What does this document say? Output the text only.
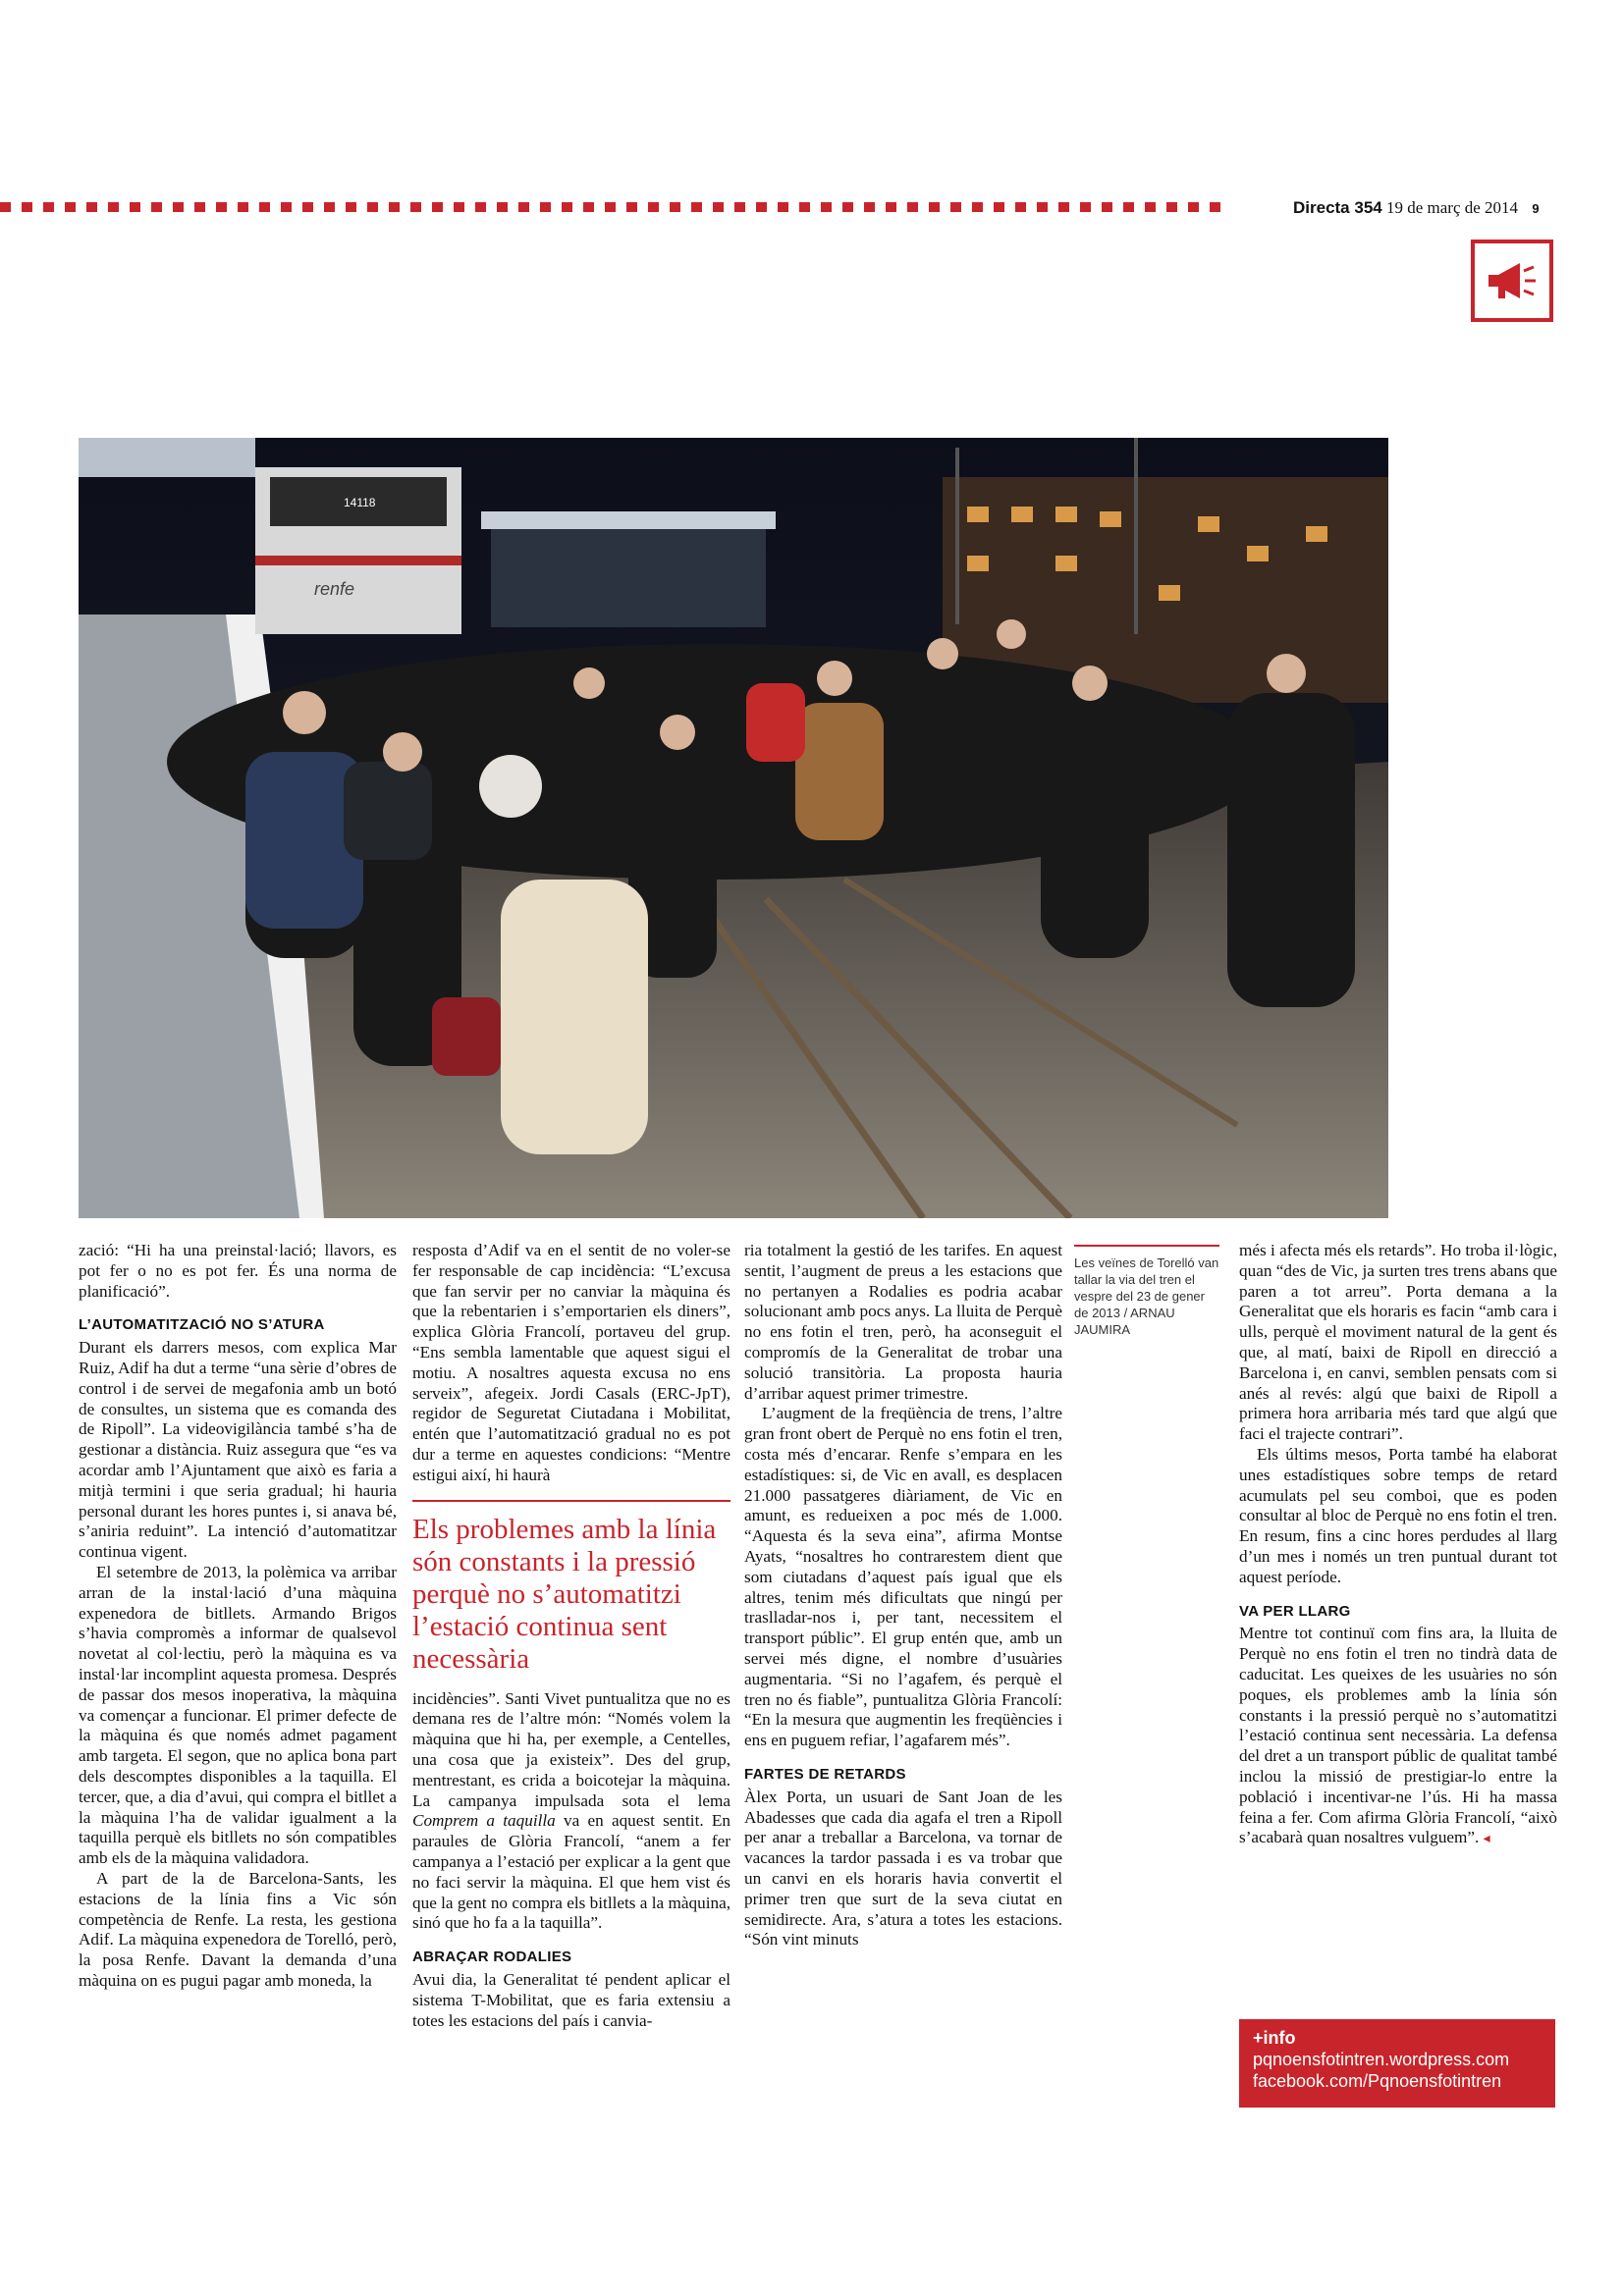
Directa 354 19 de març de 2014 9
renfe
14118

zació: “Hi ha una preinstal·lació; llavors, es pot fer o no es pot fer. És una norma de planificació”.

L’AUTOMATITZACIÓ NO S’ATURA

Durant els darrers mesos, com explica Mar Ruiz, Adif ha dut a terme “una sèrie d’obres de control i de servei de megafonia amb un botó de consultes, un sistema que es comanda des de Ripoll”. La videovigilància també s’ha de gestionar a distància. Ruiz assegura que “es va acordar amb l’Ajuntament que això es faria a mitjà termini i que seria gradual; hi hauria personal durant les hores puntes i, si anava bé, s’aniria reduint”. La intenció d’automatitzar continua vigent.

El setembre de 2013, la polèmica va arribar arran de la instal·lació d’una màquina expenedora de bitllets. Armando Brigos s’havia compromès a informar de qualsevol novetat al col·lectiu, però la màquina es va instal·lar incomplint aquesta promesa. Després de passar dos mesos inoperativa, la màquina va començar a funcionar. El primer defecte de la màquina és que només admet pagament amb targeta. El segon, que no aplica bona part dels descomptes disponibles a la taquilla. El tercer, que, a dia d’avui, qui compra el bitllet a la màquina l’ha de validar igualment a la taquilla perquè els bitllets no són compatibles amb els de la màquina validadora.

A part de la de Barcelona-Sants, les estacions de la línia fins a Vic són competència de Renfe. La resta, les gestiona Adif. La màquina expenedora de Torelló, però, la posa Renfe. Davant la demanda d’una màquina on es pugui pagar amb moneda, la

resposta d’Adif va en el sentit de no voler-se fer responsable de cap incidència: “L’excusa que fan servir per no canviar la màquina és que la rebentarien i s’emportarien els diners”, explica Glòria Francolí, portaveu del grup. “Ens sembla lamentable que aquest sigui el motiu. A nosaltres aquesta excusa no ens serveix”, afegeix. Jordi Casals (ERC-JpT), regidor de Seguretat Ciutadana i Mobilitat, entén que l’automatització gradual no es pot dur a terme en aquestes condicions: “Mentre estigui així, hi haurà

Els problemes amb la línia són constants i la pressió perquè no s’automatitzi l’estació continua sent necessària

incidències”. Santi Vivet puntualitza que no es demana res de l’altre món: “Només volem la màquina que hi ha, per exemple, a Centelles, una cosa que ja existeix”. Des del grup, mentrestant, es crida a boicotejar la màquina. La campanya impulsada sota el lema Comprem a taquilla va en aquest sentit. En paraules de Glòria Francolí, “anem a fer campanya a l’estació per explicar a la gent que no faci servir la màquina. El que hem vist és que la gent no compra els bitllets a la màquina, sinó que ho fa a la taquilla”.

ABRAÇAR RODALIES

Avui dia, la Generalitat té pendent aplicar el sistema T-Mobilitat, que es faria extensiu a totes les estacions del país i canvia-

ria totalment la gestió de les tarifes. En aquest sentit, l’augment de preus a les estacions que no pertanyen a Rodalies es podria acabar solucionant amb pocs anys. La lluita de Perquè no ens fotin el tren, però, ha aconseguit el compromís de la Generalitat de trobar una solució transitòria. La proposta hauria d’arribar aquest primer trimestre.

L’augment de la freqüència de trens, l’altre gran front obert de Perquè no ens fotin el tren, costa més d’encarar. Renfe s’empara en les estadístiques: si, de Vic en avall, es desplacen 21.000 passatgeres diàriament, de Vic en amunt, es redueixen a poc més de 1.000. “Aquesta és la seva eina”, afirma Montse Ayats, “nosaltres ho contrarestem dient que som ciutadans d’aquest país igual que els altres, tenim més dificultats que ningú per traslladar-nos i, per tant, necessitem el transport públic”. El grup entén que, amb un servei més digne, el nombre d’usuàries augmentaria. “Si no l’agafem, és perquè el tren no és fiable”, puntualitza Glòria Francolí: “En la mesura que augmentin les freqüències i ens en puguem refiar, l’agafarem més”.

FARTES DE RETARDS

Àlex Porta, un usuari de Sant Joan de les Abadesses que cada dia agafa el tren a Ripoll per anar a treballar a Barcelona, va tornar de vacances la tardor passada i es va trobar que un canvi en els horaris havia convertit el primer tren que surt de la seva ciutat en semidirecte. Ara, s’atura a totes les estacions. “Són vint minuts

Les veïnes de Torelló van tallar la via del tren el vespre del 23 de gener de 2013 / ARNAU JAUMIRA

més i afecta més els retards”. Ho troba il·lògic, quan “des de Vic, ja surten tres trens abans que paren a tot arreu”. Porta demana a la Generalitat que els horaris es facin “amb cara i ulls, perquè el moviment natural de la gent és que, al matí, baixi de Ripoll en direcció a Barcelona i, en canvi, semblen pensats com si anés al revés: algú que baixi de Ripoll a primera hora arribaria més tard que algú que faci el trajecte contrari”.

Els últims mesos, Porta també ha elaborat unes estadístiques sobre temps de retard acumulats pel seu comboi, que es poden consultar al bloc de Perquè no ens fotin el tren. En resum, fins a cinc hores perdudes al llarg d’un mes i només un tren puntual durant tot aquest període.

VA PER LLARG

Mentre tot continuï com fins ara, la lluita de Perquè no ens fotin el tren no tindrà data de caducitat. Les queixes de les usuàries no són poques, els problemes amb la línia són constants i la pressió perquè no s’automatitzi l’estació continua sent necessària. La defensa del dret a un transport públic de qualitat també inclou la missió de prestigiar-lo entre la població i incentivar-ne l’ús. Hi ha massa feina a fer. Com afirma Glòria Francolí, “això s’acabarà quan nosaltres vulguem”. ◂

+info
pqnoensfotintren.wordpress.com
facebook.com/Pqnoensfotintren
